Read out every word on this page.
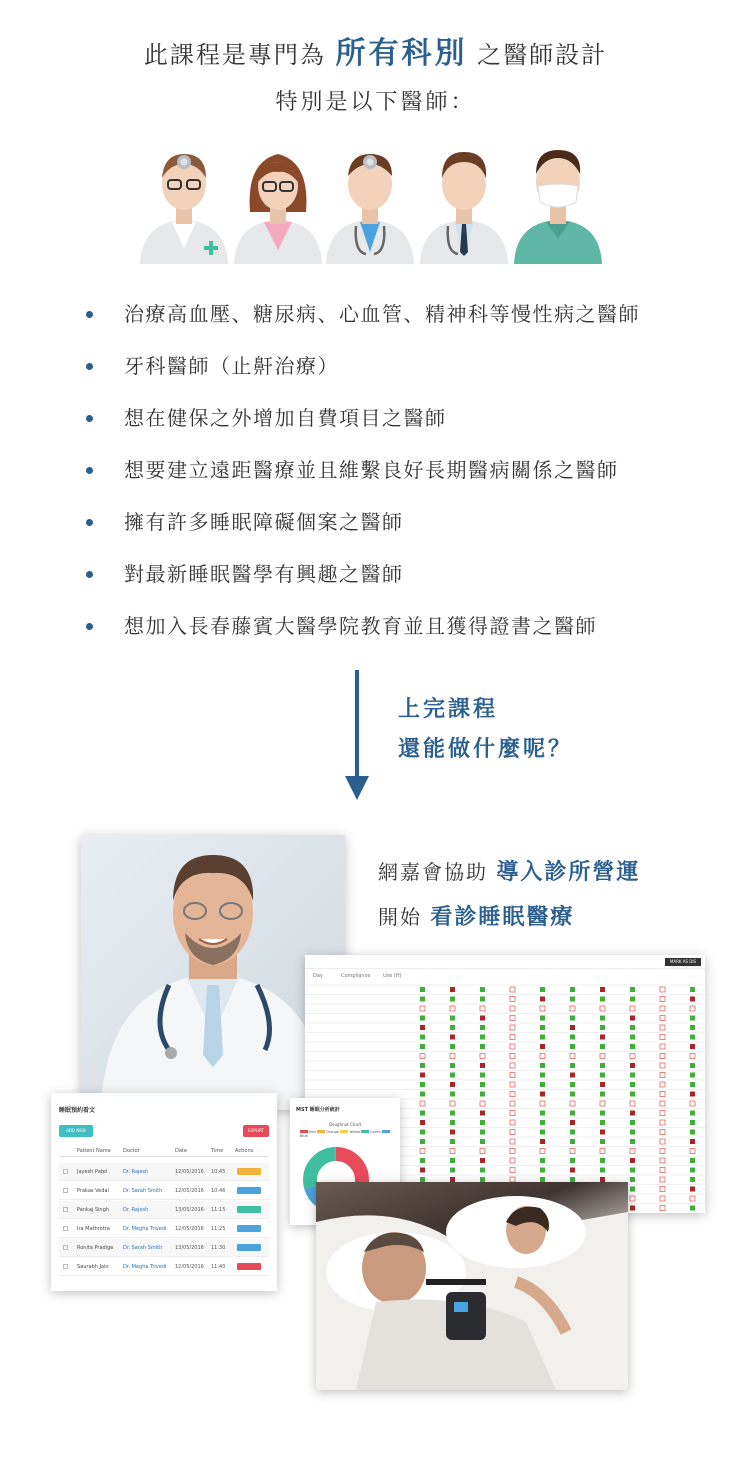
此課程是專門為 所有科別 之醫師設計
特別是以下醫師：
治療高血壓、糖尿病、心血管、精神科等慢性病之醫師
牙科醫師（止鼾治療）
想在健保之外增加自費項目之醫師
想要建立遠距醫療並且維繫良好長期醫病關係之醫師
擁有許多睡眠障礙個案之醫師
對最新睡眠醫學有興趣之醫師
想加入長春藤賓大醫學院教育並且獲得證書之醫師
上完課程
還能做什麼呢？
網嘉會協助 導入診所營運
開始 看診睡眠醫療
MARK AS DIS
Day	Compliance	Use (H)
睡眠預約看文
ADD NEW	EXPORT
Patient Name Doctor	Date	Time Actions
Jayesh Patel	Dr. Rajesh	12/05/2016 10:45
Prakas Vedal	Dr. Sarah Smith	12/05/2016 10:46
Pankaj Singh	Dr. Rajesh	13/05/2016 11:15
Ira Mathrotra	Dr. Megha Trivedi 12/05/2016 11:25
Ronita Pradige Dr. Sarah Smith	13/05/2016 11:30
Saurabh Jain	Dr. Megha Trivedi 12/05/2016 11:40
MST 睡眠分析統計
Doughnut Chart
Red	Orange	Yellow	Green  Blue
